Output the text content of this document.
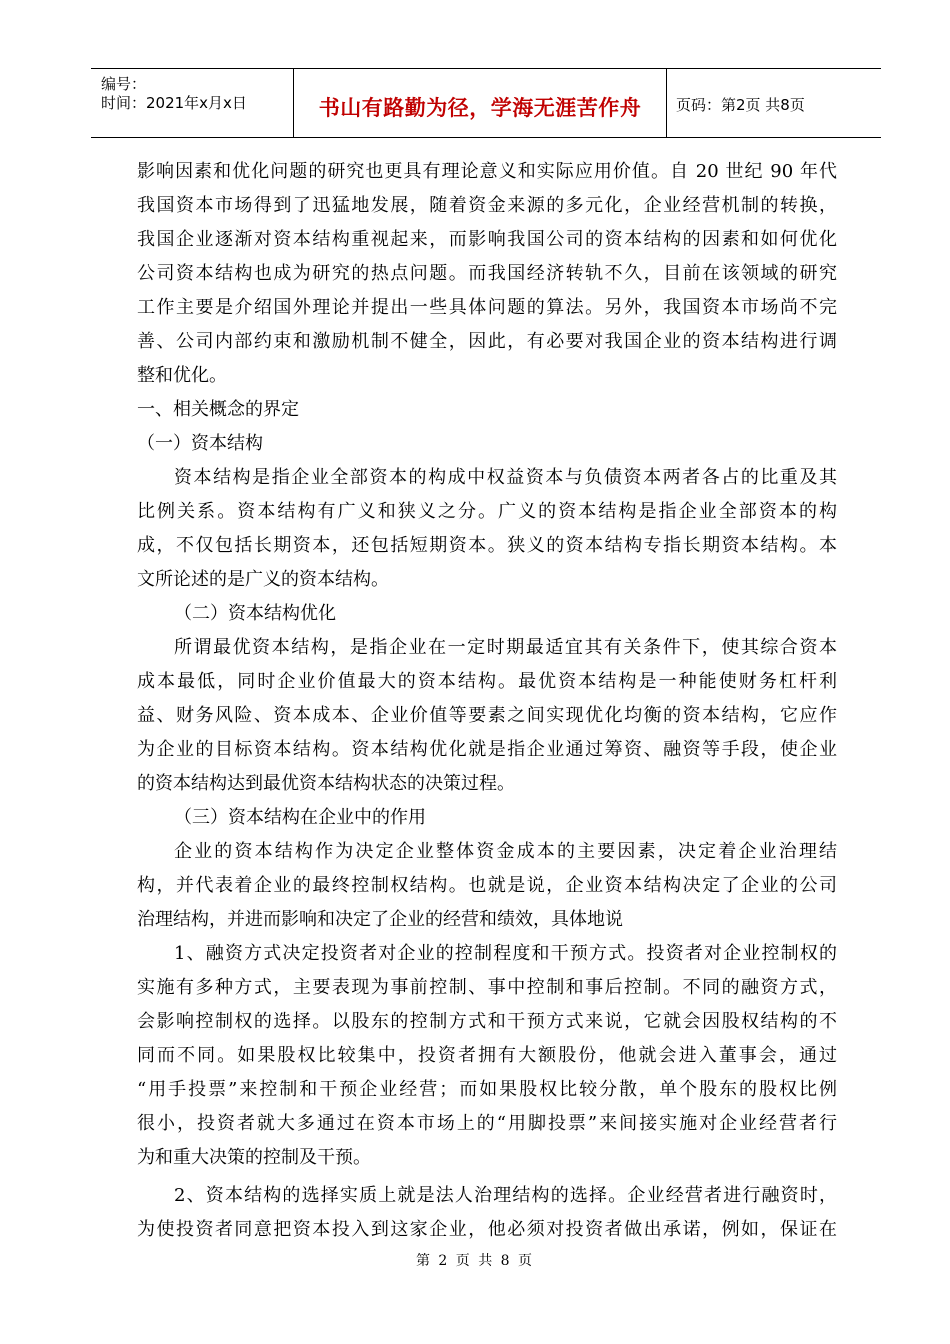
编号：
时间：2021年x月x日	书山有路勤为径，学海无涯苦作舟	页码：第2页 共8页
影响因素和优化问题的研究也更具有理论意义和实际应用价值。自 20 世纪 90 年代
我国资本市场得到了迅猛地发展，随着资金来源的多元化，企业经营机制的转换，
我国企业逐渐对资本结构重视起来，而影响我国公司的资本结构的因素和如何优化
公司资本结构也成为研究的热点问题。而我国经济转轨不久，目前在该领域的研究
工作主要是介绍国外理论并提出一些具体问题的算法。另外，我国资本市场尚不完
善、公司内部约束和激励机制不健全，因此，有必要对我国企业的资本结构进行调
整和优化。
一、相关概念的界定
（一）资本结构
资本结构是指企业全部资本的构成中权益资本与负债资本两者各占的比重及其
比例关系。资本结构有广义和狭义之分。广义的资本结构是指企业全部资本的构
成，不仅包括长期资本，还包括短期资本。狭义的资本结构专指长期资本结构。本
文所论述的是广义的资本结构。
（二）资本结构优化
所谓最优资本结构，是指企业在一定时期最适宜其有关条件下，使其综合资本
成本最低，同时企业价值最大的资本结构。最优资本结构是一种能使财务杠杆利
益、财务风险、资本成本、企业价值等要素之间实现优化均衡的资本结构，它应作
为企业的目标资本结构。资本结构优化就是指企业通过筹资、融资等手段，使企业
的资本结构达到最优资本结构状态的决策过程。
（三）资本结构在企业中的作用
企业的资本结构作为决定企业整体资金成本的主要因素，决定着企业治理结
构，并代表着企业的最终控制权结构。也就是说，企业资本结构决定了企业的公司
治理结构，并进而影响和决定了企业的经营和绩效，具体地说
1、融资方式决定投资者对企业的控制程度和干预方式。投资者对企业控制权的
实施有多种方式，主要表现为事前控制、事中控制和事后控制。不同的融资方式，
会影响控制权的选择。以股东的控制方式和干预方式来说，它就会因股权结构的不
同而不同。如果股权比较集中，投资者拥有大额股份，他就会进入董事会，通过
“用手投票”来控制和干预企业经营；而如果股权比较分散，单个股东的股权比例
很小，投资者就大多通过在资本市场上的“用脚投票”来间接实施对企业经营者行
为和重大决策的控制及干预。
2、资本结构的选择实质上就是法人治理结构的选择。企业经营者进行融资时，
为使投资者同意把资本投入到这家企业，他必须对投资者做出承诺，例如，保证在
第 2 页 共 8 页
